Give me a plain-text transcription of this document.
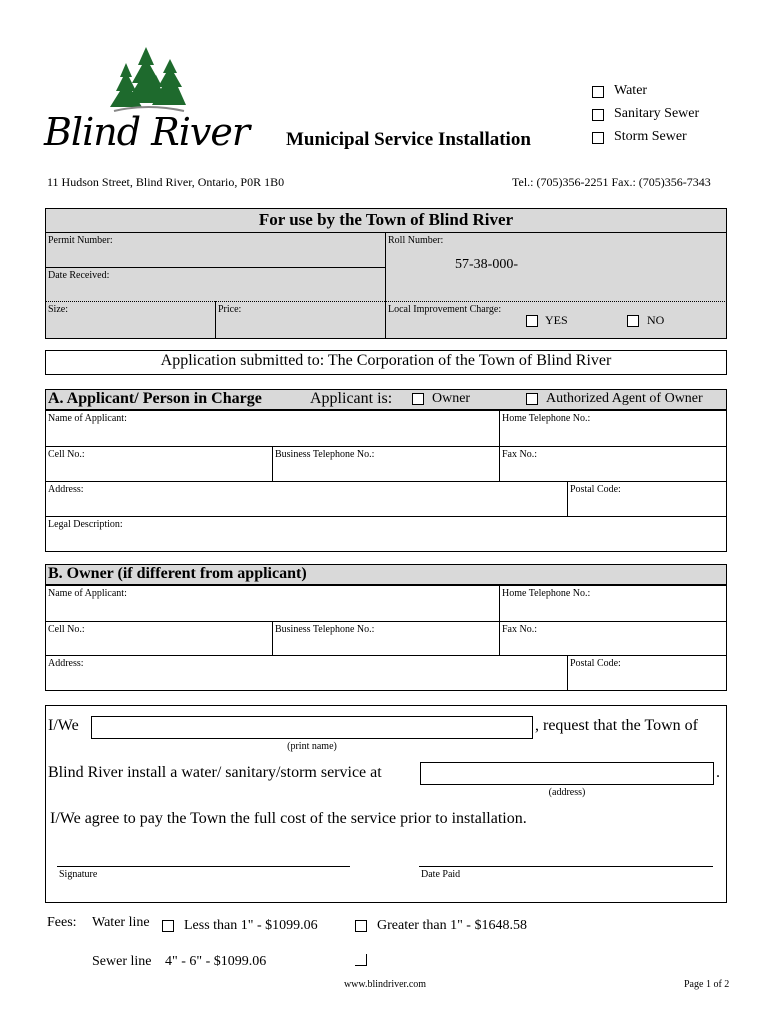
Blind River Municipal Service Installation
Water
Sanitary Sewer
Storm Sewer
11 Hudson Street, Blind River, Ontario, P0R 1B0	Tel.: (705)356-2251 Fax.: (705)356-7343
For use by the Town of Blind River
Permit Number:	Roll Number:
57-38-000-
Date Received:
Size:	Price:	Local Improvement Charge:
YES	NO
Application submitted to: The Corporation of the Town of Blind River
A. Applicant/ Person in Charge	Applicant is:	Owner	Authorized Agent of Owner
Name of Applicant:	Home Telephone No.:
Cell No.:	Business Telephone No.:	Fax No.:
Address:	Postal Code:
Legal Description:
B. Owner (if different from applicant)
Name of Applicant:	Home Telephone No.:
Cell No.:	Business Telephone No.:	Fax No.:
Address:	Postal Code:
I/We	, request that the Town of
(print name)
Blind River install a water/ sanitary/storm service at	.
(address)
I/We agree to pay the Town the full cost of the service prior to installation.
Signature	Date Paid
Fees: Water line Less than 1" - $1099.06	Greater than 1" - $1648.58
Sewer line 4" - 6" - $1099.06
www.blindriver.com	Page 1 of 2
